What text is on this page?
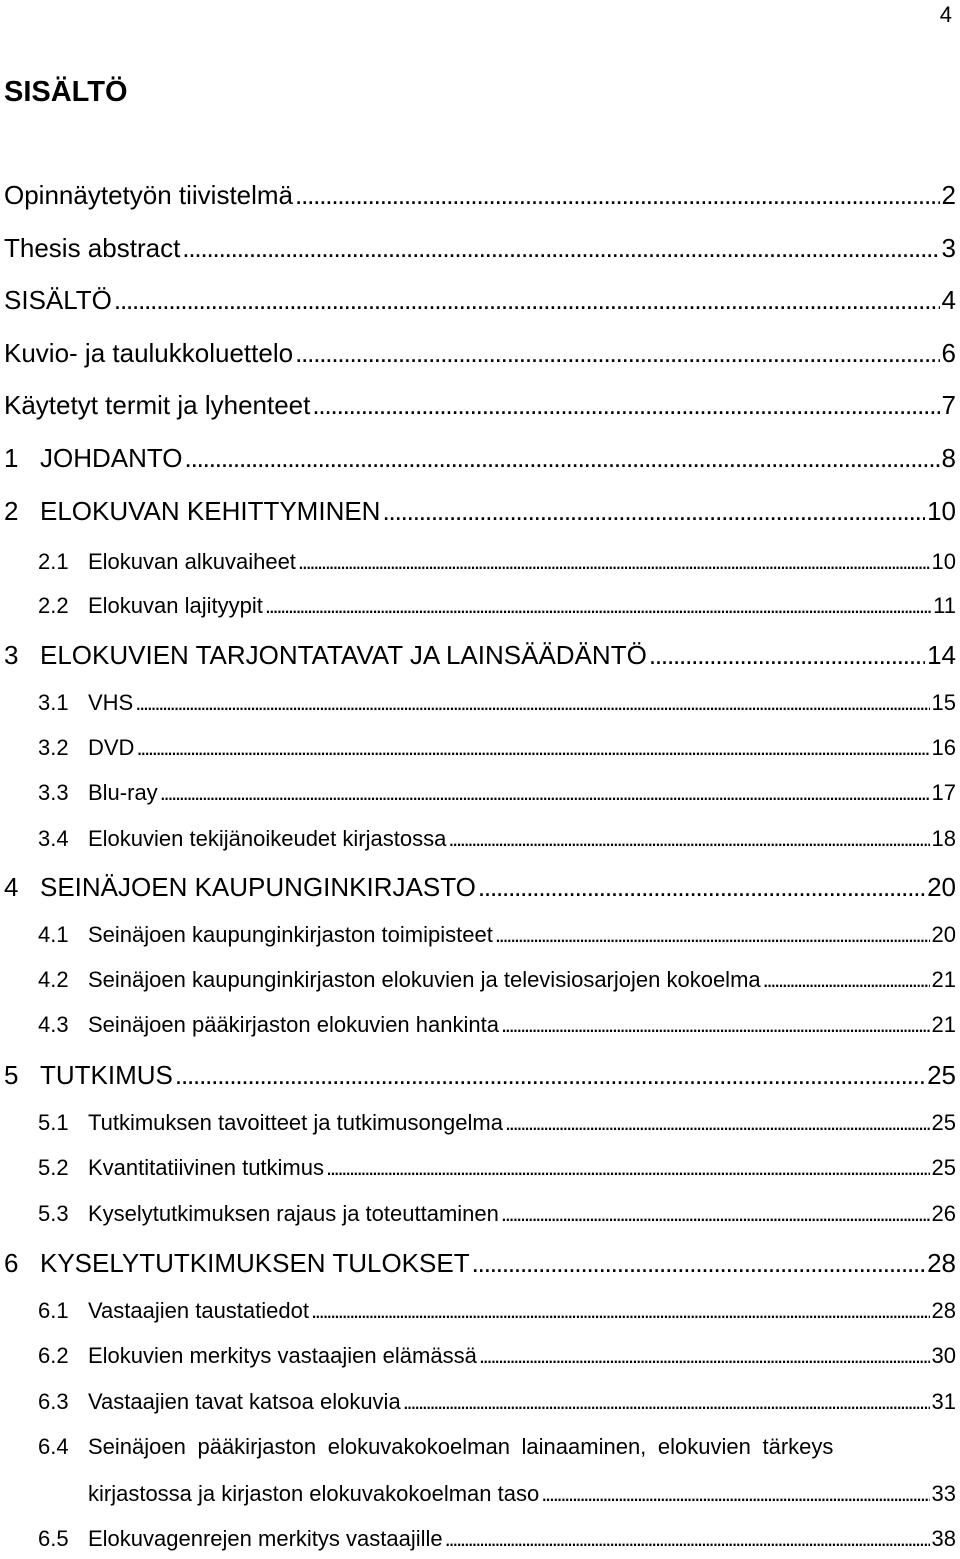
4
SISÄLTÖ
Opinnäytetyön tiivistelmä . . .	2
Thesis abstract . . .	3
SISÄLTÖ . . .	4
Kuvio- ja taulukkoluettelo . . .	6
Käytetyt termit ja lyhenteet . . .	7
1 JOHDANTO . . .	8
2 ELOKUVAN KEHITTYMINEN . . .	10
2.1 Elokuvan alkuvaiheet . . .	10
2.2 Elokuvan lajityypit . . .	11
3 ELOKUVIEN TARJONTATAVAT JA LAINSÄÄDÄNTÖ . . .	14
3.1 VHS . . .	15
3.2 DVD . . .	16
3.3 Blu-ray . . .	17
3.4 Elokuvien tekijänoikeudet kirjastossa . . .	18
4 SEINÄJOEN KAUPUNGINKIRJASTO . . .	20
4.1 Seinäjoen kaupunginkirjaston toimipisteet . . .	20
4.2 Seinäjoen kaupunginkirjaston elokuvien ja televisiosarjojen kokoelma . . .	21
4.3 Seinäjoen pääkirjaston elokuvien hankinta . . .	21
5 TUTKIMUS . . .	25
5.1 Tutkimuksen tavoitteet ja tutkimusongelma . . .	25
5.2 Kvantitatiivinen tutkimus . . .	25
5.3 Kyselytutkimuksen rajaus ja toteuttaminen . . .	26
6 KYSELYTUTKIMUKSEN TULOKSET . . .	28
6.1 Vastaajien taustatiedot . . .	28
6.2 Elokuvien merkitys vastaajien elämässä . . .	30
6.3 Vastaajien tavat katsoa elokuvia . . .	31
6.4 Seinäjoen pääkirjaston elokuvakokoelman lainaaminen, elokuvien tärkeys
kirjastossa ja kirjaston elokuvakokoelman taso . . .	33
6.5 Elokuvagenrejen merkitys vastaajille . . .	38
